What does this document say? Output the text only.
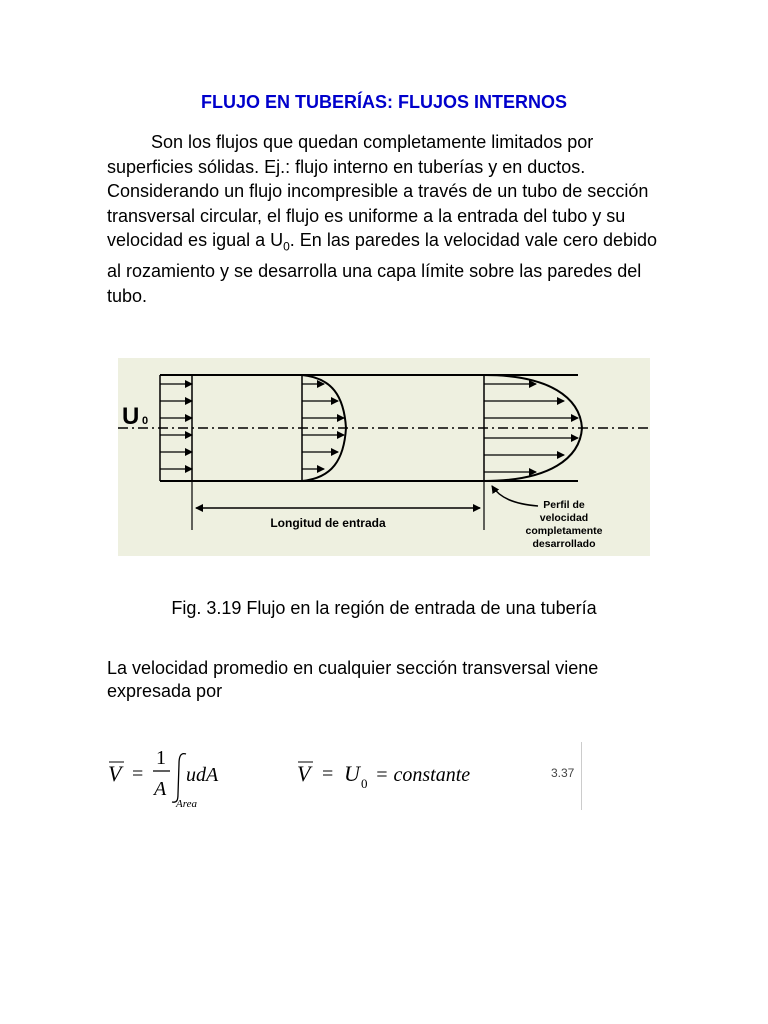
FLUJO EN TUBERÍAS: FLUJOS INTERNOS
Son los flujos que quedan completamente limitados por superficies sólidas. Ej.: flujo interno en tuberías y en ductos. Considerando un flujo incompresible a través de un tubo de sección transversal circular, el flujo es uniforme a la entrada del tubo y su velocidad es igual a $U_0$. En las paredes la velocidad vale cero debido al rozamiento y se desarrolla una capa límite sobre las paredes del tubo.
Longitud de entrada
Perfil de
velocidad
completamente
desarrollado
U 0
Fig. 3.19 Flujo en la región de entrada de una tubería
La velocidad promedio en cualquier sección transversal viene expresada por
V =
1
A
udA
Area
V = U 0 = constante	3.37
